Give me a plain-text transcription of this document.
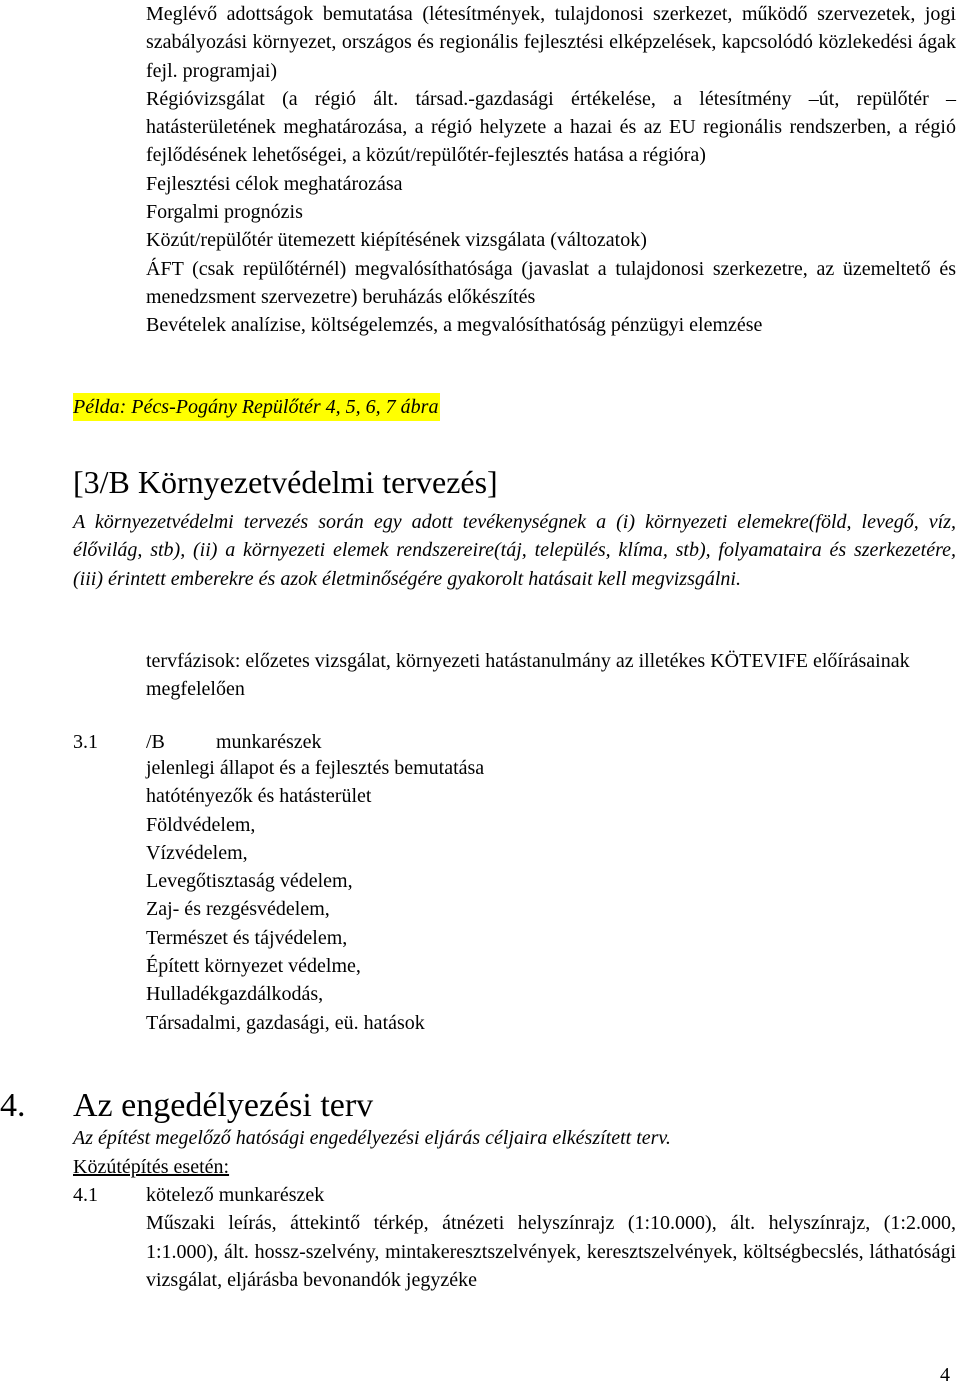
Meglévő adottságok bemutatása (létesítmények, tulajdonosi szerkezet, működő szervezetek, jogi szabályozási környezet, országos és regionális fejlesztési elképzelések, kapcsolódó közlekedési ágak fejl. programjai)

Régióvizsgálat (a régió ált. társad.-gazdasági értékelése, a létesítmény –út, repülőtér – hatásterületének meghatározása, a régió helyzete a hazai és az EU regionális rendszerben, a régió fejlődésének lehetőségei, a közút/repülőtér-fejlesztés hatása a régióra)

Fejlesztési célok meghatározása

Forgalmi prognózis

Közút/repülőtér ütemezett kiépítésének vizsgálata (változatok)

ÁFT (csak repülőtérnél) megvalósíthatósága (javaslat a tulajdonosi szerkezetre, az üzemeltető és menedzsment szervezetre) beruházás előkészítés

Bevételek analízise, költségelemzés, a megvalósíthatóság pénzügyi elemzése

Példa: Pécs-Pogány Repülőtér 4, 5, 6, 7 ábra
[3/B Környezetvédelmi tervezés]

A környezetvédelmi tervezés során egy adott tevékenységnek a (i) környezeti elemekre(föld, levegő, víz, élővilág, stb), (ii) a környezeti elemek rendszereire(táj, település, klíma, stb), folyamataira és szerkezetére, (iii) érintett emberekre és azok életminőségére gyakorolt hatásait kell megvizsgálni.

tervfázisok: előzetes vizsgálat, környezeti hatástanulmány az illetékes KÖTEVIFE előírásainak megfelelően

3.1	/B	munkarészek

jelenlegi állapot és a fejlesztés bemutatása

hatótényezők és hatásterület

Földvédelem,

Vízvédelem,

Levegőtisztaság védelem,

Zaj- és rezgésvédelem,

Természet és tájvédelem,

Épített környezet védelme,

Hulladékgazdálkodás,

Társadalmi, gazdasági, eü. hatások

4. Az engedélyezési terv

Az építést megelőző hatósági engedélyezési eljárás céljaira elkészített terv.

Közútépítés esetén:

4.1	kötelező munkarészek

Műszaki leírás, áttekintő térkép, átnézeti helyszínrajz (1:10.000), ált. helyszínrajz, (1:2.000, 1:1.000), ált. hossz-szelvény, mintakeresztszelvények, keresztszelvények, költségbecslés, láthatósági vizsgálat, eljárásba bevonandók jegyzéke

4
